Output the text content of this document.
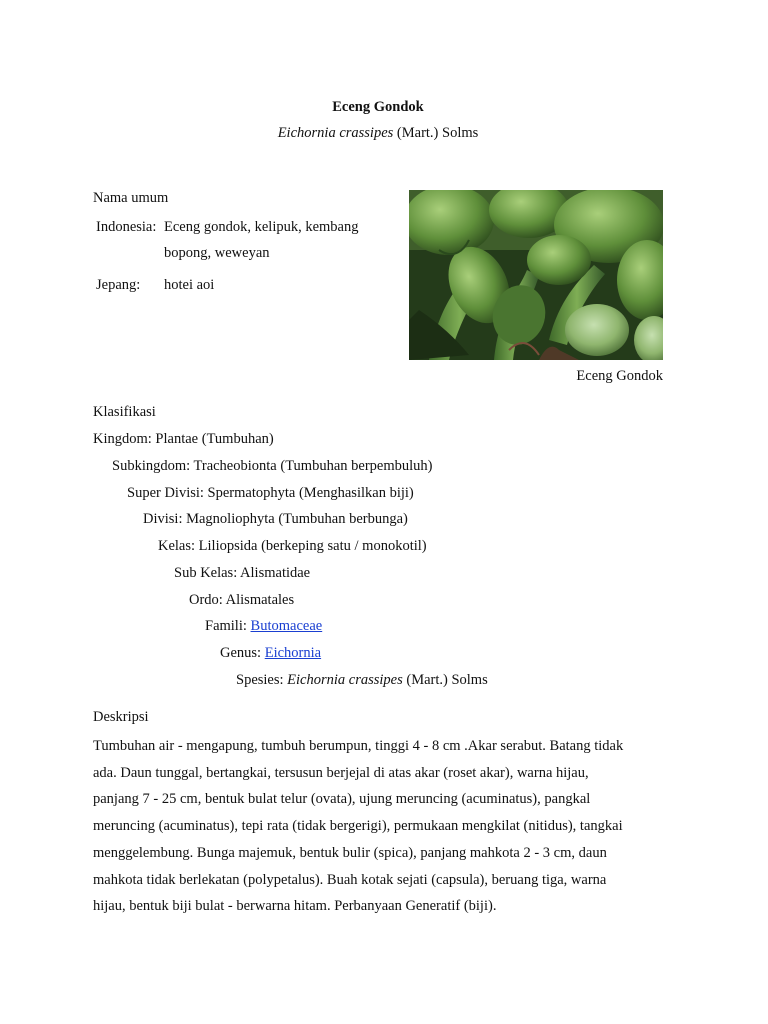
Eceng Gondok
Eichornia crassipes (Mart.) Solms
Nama umum
Indonesia: Eceng gondok, kelipuk, kembang
bopong, weweyan
Jepang: hotei aoi
Eceng Gondok
Klasifikasi
Kingdom: Plantae (Tumbuhan)
Subkingdom: Tracheobionta (Tumbuhan berpembuluh)
Super Divisi: Spermatophyta (Menghasilkan biji)
Divisi: Magnoliophyta (Tumbuhan berbunga)
Kelas: Liliopsida (berkeping satu / monokotil)
Sub Kelas: Alismatidae
Ordo: Alismatales
Famili: Butomaceae
Genus: Eichornia
Spesies: Eichornia crassipes (Mart.) Solms
Deskripsi
Tumbuhan air - mengapung, tumbuh berumpun, tinggi 4 - 8 cm .Akar serabut. Batang tidak
ada. Daun tunggal, bertangkai, tersusun berjejal di atas akar (roset akar), warna hijau,
panjang 7 - 25 cm, bentuk bulat telur (ovata), ujung meruncing (acuminatus), pangkal
meruncing (acuminatus), tepi rata (tidak bergerigi), permukaan mengkilat (nitidus), tangkai
menggelembung. Bunga majemuk, bentuk bulir (spica), panjang mahkota 2 - 3 cm, daun
mahkota tidak berlekatan (polypetalus). Buah kotak sejati (capsula), beruang tiga, warna
hijau, bentuk biji bulat - berwarna hitam. Perbanyaan Generatif (biji).
